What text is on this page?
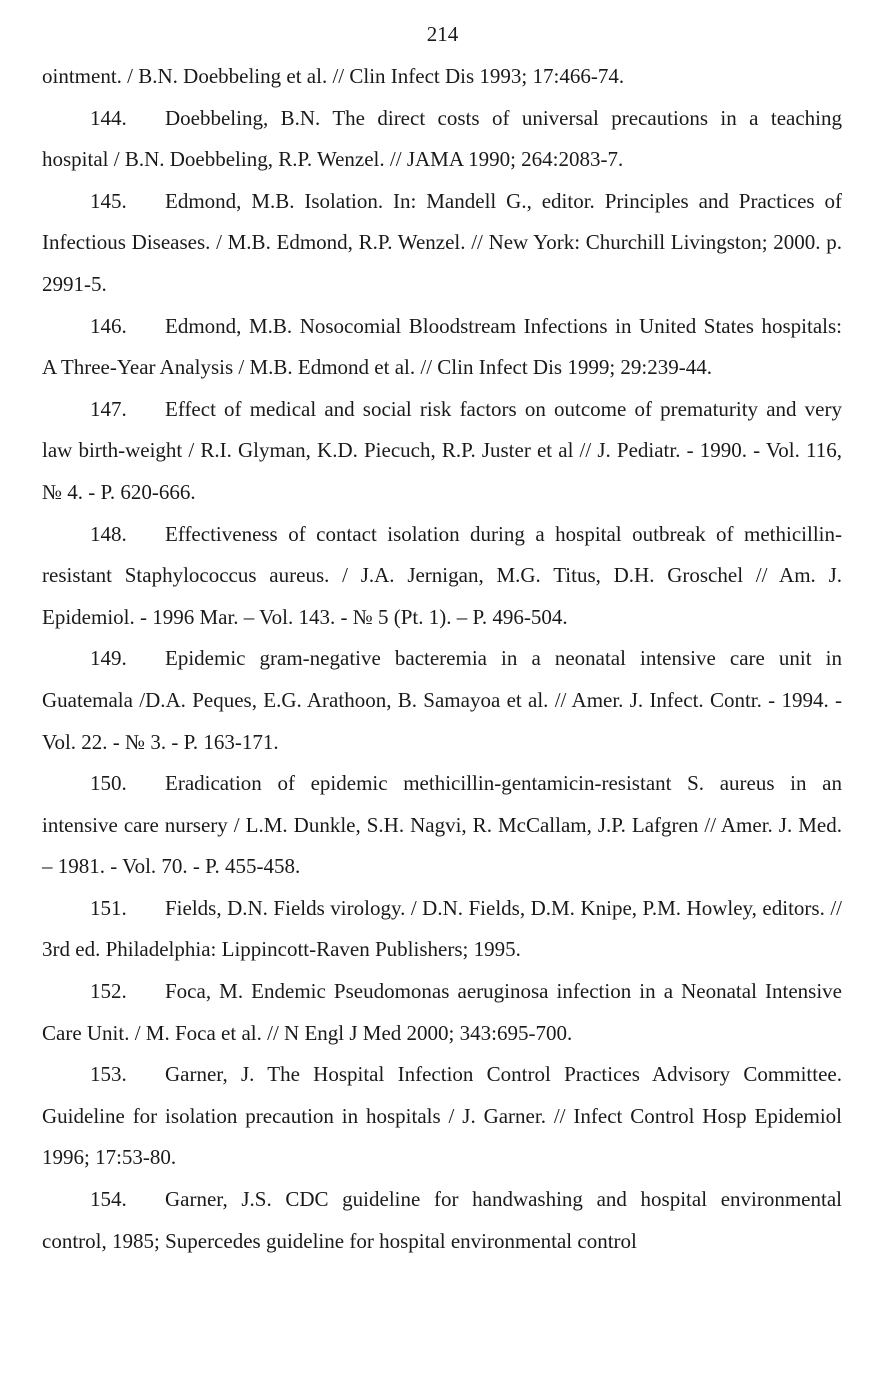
214

ointment. / B.N. Doebbeling et al. // Clin Infect Dis 1993; 17:466-74.

144. Doebbeling, B.N. The direct costs of universal precautions in a teaching hospital / B.N. Doebbeling, R.P. Wenzel. // JAMA 1990; 264:2083-7.

145. Edmond, M.B. Isolation. In: Mandell G., editor. Principles and Practices of Infectious Diseases. / M.B. Edmond, R.P. Wenzel. // New York: Churchill Livingston; 2000. p. 2991-5.

146. Edmond, M.B. Nosocomial Bloodstream Infections in United States hospitals: A Three-Year Analysis / M.B. Edmond et al. // Clin Infect Dis 1999; 29:239-44.

147. Effect of medical and social risk factors on outcome of prematurity and very law birth-weight / R.I. Glyman, K.D. Piecuch, R.P. Juster et al // J. Pediatr. - 1990. - Vol. 116, № 4. - P. 620-666.

148. Effectiveness of contact isolation during a hospital outbreak of methicillin-resistant Staphylococcus aureus. / J.A. Jernigan, M.G. Titus, D.H. Groschel // Am. J. Epidemiol. - 1996 Mar. – Vol. 143. - № 5 (Pt. 1). – P. 496-504.

149. Epidemic gram-negative bacteremia in a neonatal intensive care unit in Guatemala /D.A. Peques, E.G. Arathoon, B. Samayoa et al. // Amer. J. Infect. Contr. - 1994. - Vol. 22. - № 3. - P. 163-171.

150. Eradication of epidemic methicillin-gentamicin-resistant S. aureus in an intensive care nursery / L.M. Dunkle, S.H. Nagvi, R. McCallam, J.P. Lafgren // Amer. J. Med. – 1981. - Vol. 70. - P. 455-458.

151. Fields, D.N. Fields virology. / D.N. Fields, D.M. Knipe, P.M. Howley, editors. // 3rd ed. Philadelphia: Lippincott-Raven Publishers; 1995.

152. Foca, M. Endemic Pseudomonas aeruginosa infection in a Neonatal Intensive Care Unit. / M. Foca et al. // N Engl J Med 2000; 343:695-700.

153. Garner, J. The Hospital Infection Control Practices Advisory Committee. Guideline for isolation precaution in hospitals / J. Garner. // Infect Control Hosp Epidemiol 1996; 17:53-80.

154. Garner, J.S. CDC guideline for handwashing and hospital environmental control, 1985; Supercedes guideline for hospital environmental control
